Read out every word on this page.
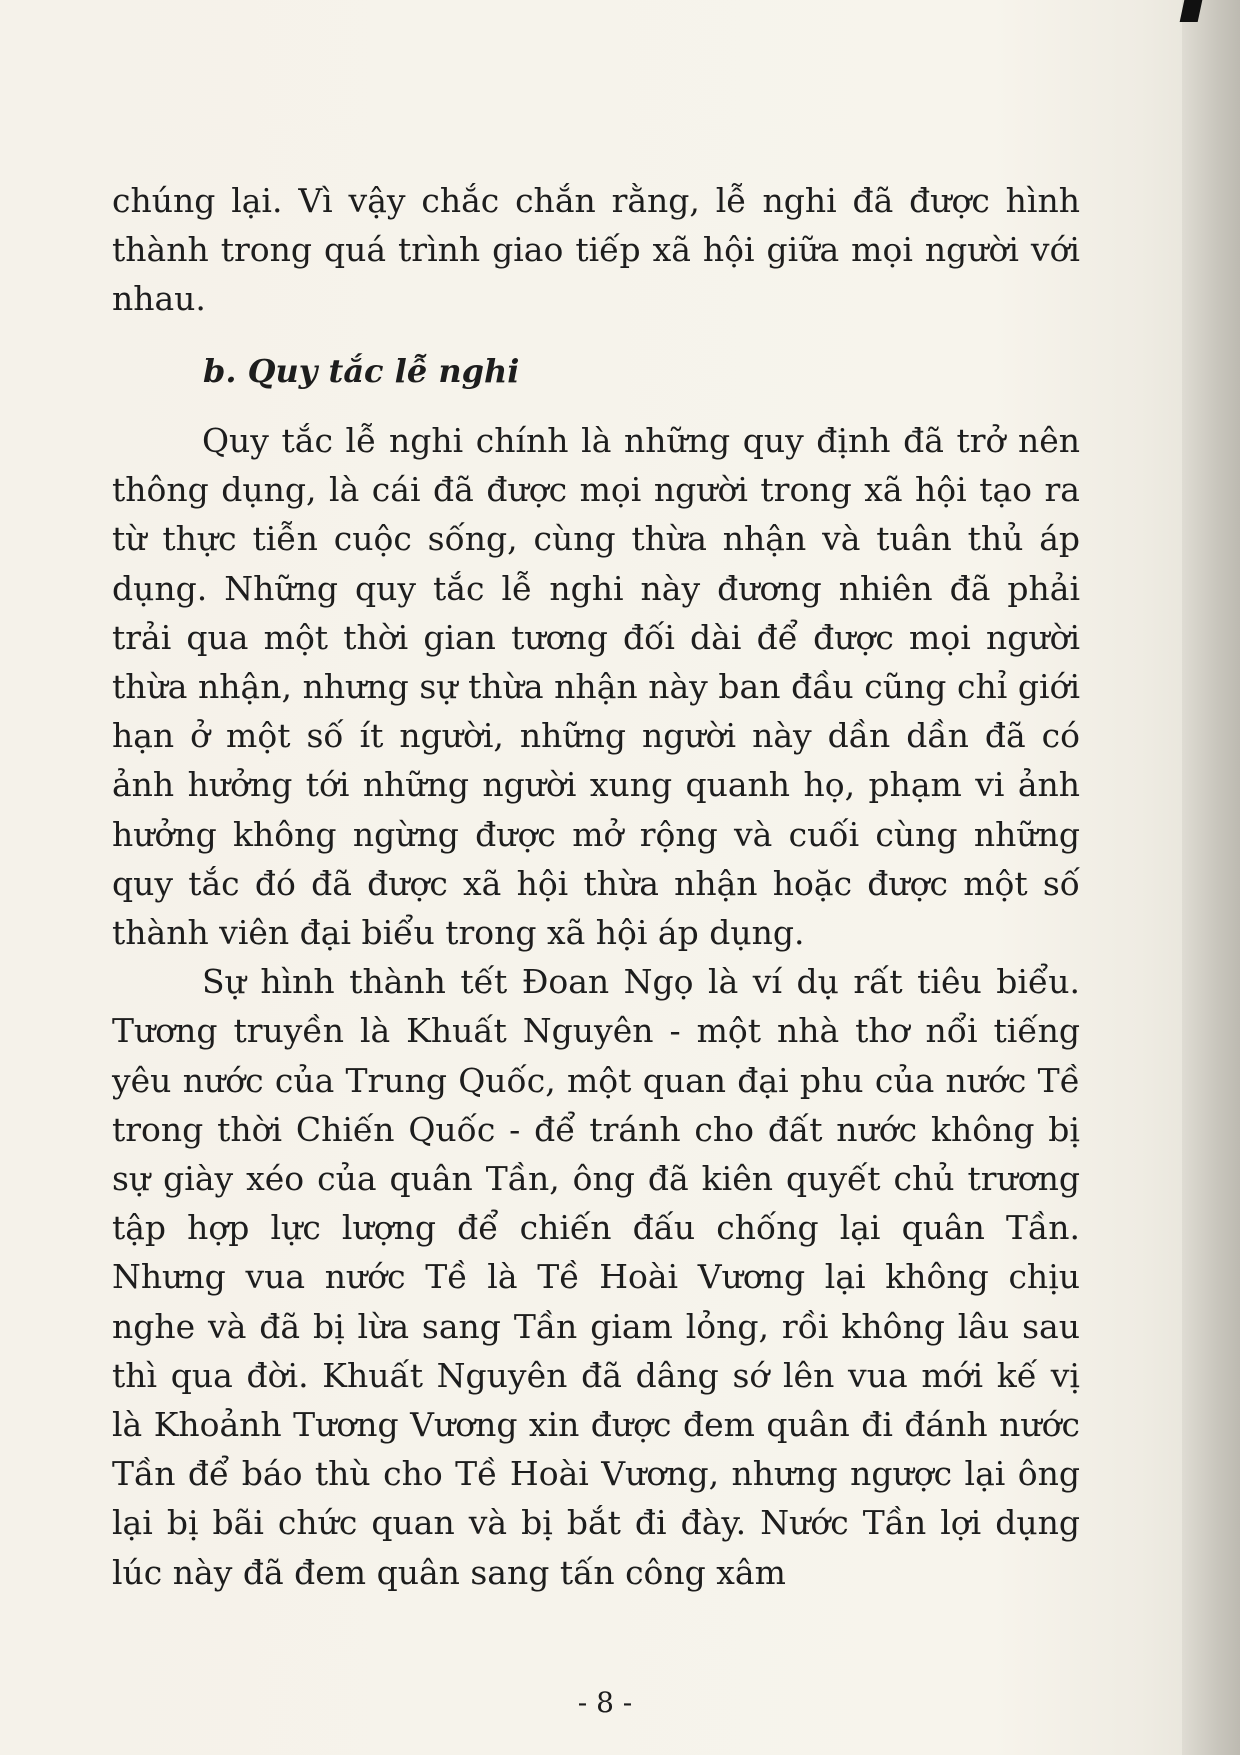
chúng lại. Vì vậy chắc chắn rằng, lễ nghi đã được hình thành trong quá trình giao tiếp xã hội giữa mọi người với nhau.

b. Quy tắc lễ nghi

Quy tắc lễ nghi chính là những quy định đã trở nên thông dụng, là cái đã được mọi người trong xã hội tạo ra từ thực tiễn cuộc sống, cùng thừa nhận và tuân thủ áp dụng. Những quy tắc lễ nghi này đương nhiên đã phải trải qua một thời gian tương đối dài để được mọi người thừa nhận, nhưng sự thừa nhận này ban đầu cũng chỉ giới hạn ở một số ít người, những người này dần dần đã có ảnh hưởng tới những người xung quanh họ, phạm vi ảnh hưởng không ngừng được mở rộng và cuối cùng những quy tắc đó đã được xã hội thừa nhận hoặc được một số thành viên đại biểu trong xã hội áp dụng.

Sự hình thành tết Đoan Ngọ là ví dụ rất tiêu biểu. Tương truyền là Khuất Nguyên - một nhà thơ nổi tiếng yêu nước của Trung Quốc, một quan đại phu của nước Tề trong thời Chiến Quốc - để tránh cho đất nước không bị sự giày xéo của quân Tần, ông đã kiên quyết chủ trương tập hợp lực lượng để chiến đấu chống lại quân Tần. Nhưng vua nước Tề là Tề Hoài Vương lại không chịu nghe và đã bị lừa sang Tần giam lỏng, rồi không lâu sau thì qua đời. Khuất Nguyên đã dâng sớ lên vua mới kế vị là Khoảnh Tương Vương xin được đem quân đi đánh nước Tần để báo thù cho Tề Hoài Vương, nhưng ngược lại ông lại bị bãi chức quan và bị bắt đi đày. Nước Tần lợi dụng lúc này đã đem quân sang tấn công xâm

- 8 -
